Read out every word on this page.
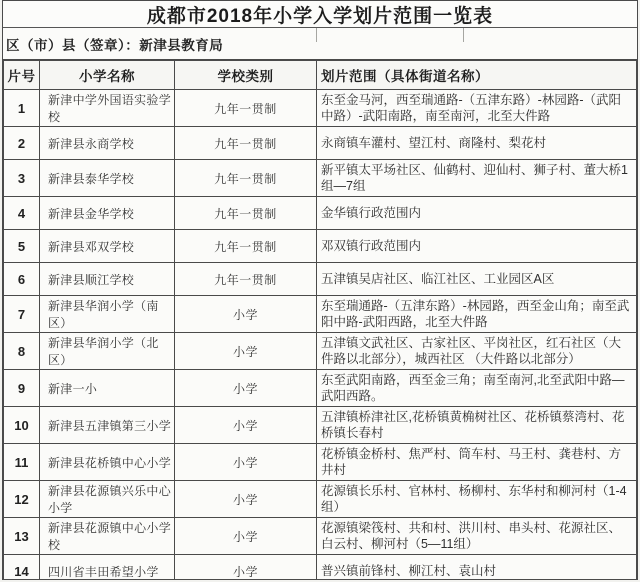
成都市2018年小学入学划片范围一览表
区（市）县（签章）：新津县教育局
片号	小学名称	学校类别	划片范围（具体街道名称）
1	新津中学外国语实验学校	九年一贯制	东至金马河，西至瑞通路-（五津东路）-林园路-（武阳中路）-武阳南路，南至南河，北至大件路
2	新津县永商学校	九年一贯制	永商镇车灌村、望江村、商隆村、梨花村
3	新津县泰华学校	九年一贯制	新平镇太平场社区、仙鹤村、迎仙村、狮子村、董大桥1组—7组
4	新津县金华学校	九年一贯制	金华镇行政范围内
5	新津县邓双学校	九年一贯制	邓双镇行政范围内
6	新津县顺江学校	九年一贯制	五津镇吴店社区、临江社区、工业园区A区
7	新津县华润小学（南区）	小学	东至瑞通路-（五津东路）-林园路，西至金山角；南至武阳中路-武阳西路，北至大件路
8	新津县华润小学（北区）	小学	五津镇文武社区、古家社区、平岗社区，红石社区（大件路以北部分），城西社区 （大件路以北部分）
9	新津一小	小学	东至武阳南路，西至金三角；南至南河,北至武阳中路—武阳西路。
10	新津县五津镇第三小学	小学	五津镇桥津社区,花桥镇黄桷树社区、花桥镇蔡湾村、花桥镇长春村
11	新津县花桥镇中心小学	小学	花桥镇金桥村、焦严村、筒车村、马王村、龚巷村、方井村
12	新津县花源镇兴乐中心小学	小学	花源镇长乐村、官林村、杨柳村、东华村和柳河村（1-4组）
13	新津县花源镇中心小学校	小学	花源镇梁筏村、共和村、洪川村、串头村、花源社区、白云村、柳河村（5—11组）
14	四川省丰田希望小学	小学	普兴镇前锋村、柳江村、袁山村
